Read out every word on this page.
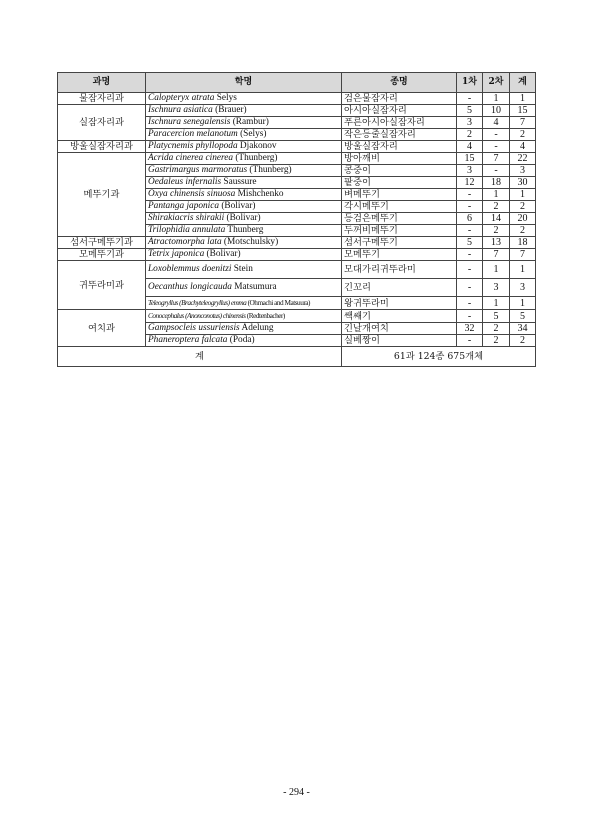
과명	학명	종명	1차	2차	계
물잠자리과	Calopteryx atrata Selys	검은물잠자리	-	1	1
실잠자리과	Ischnura asiatica (Brauer)	아시아실잠자리	5	10	15
	Ischnura senegalensis (Rambur)	푸른아시아실잠자리	3	4	7
	Paracercion melanotum (Selys)	작은등줄실잠자리	2	-	2
방울실잠자리과	Platycnemis phyllopoda Djakonov	방울실잠자리	4	-	4
메뚜기과	Acrida cinerea cinerea (Thunberg)	방아깨비	15	7	22
	Gastrimargus marmoratus (Thunberg)	콩중이	3	-	3
	Oedaleus infernalis Saussure	팥중이	12	18	30
	Oxya chinensis sinuosa Mishchenko	벼메뚜기	-	1	1
	Pantanga japonica (Bolivar)	각시메뚜기	-	2	2
	Shirakiacris shirakii (Bolivar)	등검은메뚜기	6	14	20
	Trilophidia annulata Thunberg	두꺼비메뚜기	-	2	2
섬서구메뚜기과	Atractomorpha lata (Motschulsky)	섬서구메뚜기	5	13	18
모메뚜기과	Tetrix japonica (Bolivar)	모메뚜기	-	7	7
귀뚜라미과	Loxoblemmus doenitzi Stein	모대가리귀뚜라미	-	1	1
	Oecanthus longicauda Matsumura	긴꼬리	-	3	3
	Teleogryllus (Brachyteleogryllus) emma (Ohmachi and Matsuura)	왕귀뚜라미	-	1	1
여치과	Conocephalus (Anonconotus) chinensis (Redtenbacher)	쌕쌔기	-	5	5
	Gampsocleis ussuriensis Adelung	긴날개여치	32	2	34
	Phaneroptera falcata (Poda)	실베짱이	-	2	2
계		61과 124종 675개체			
- 294 -
